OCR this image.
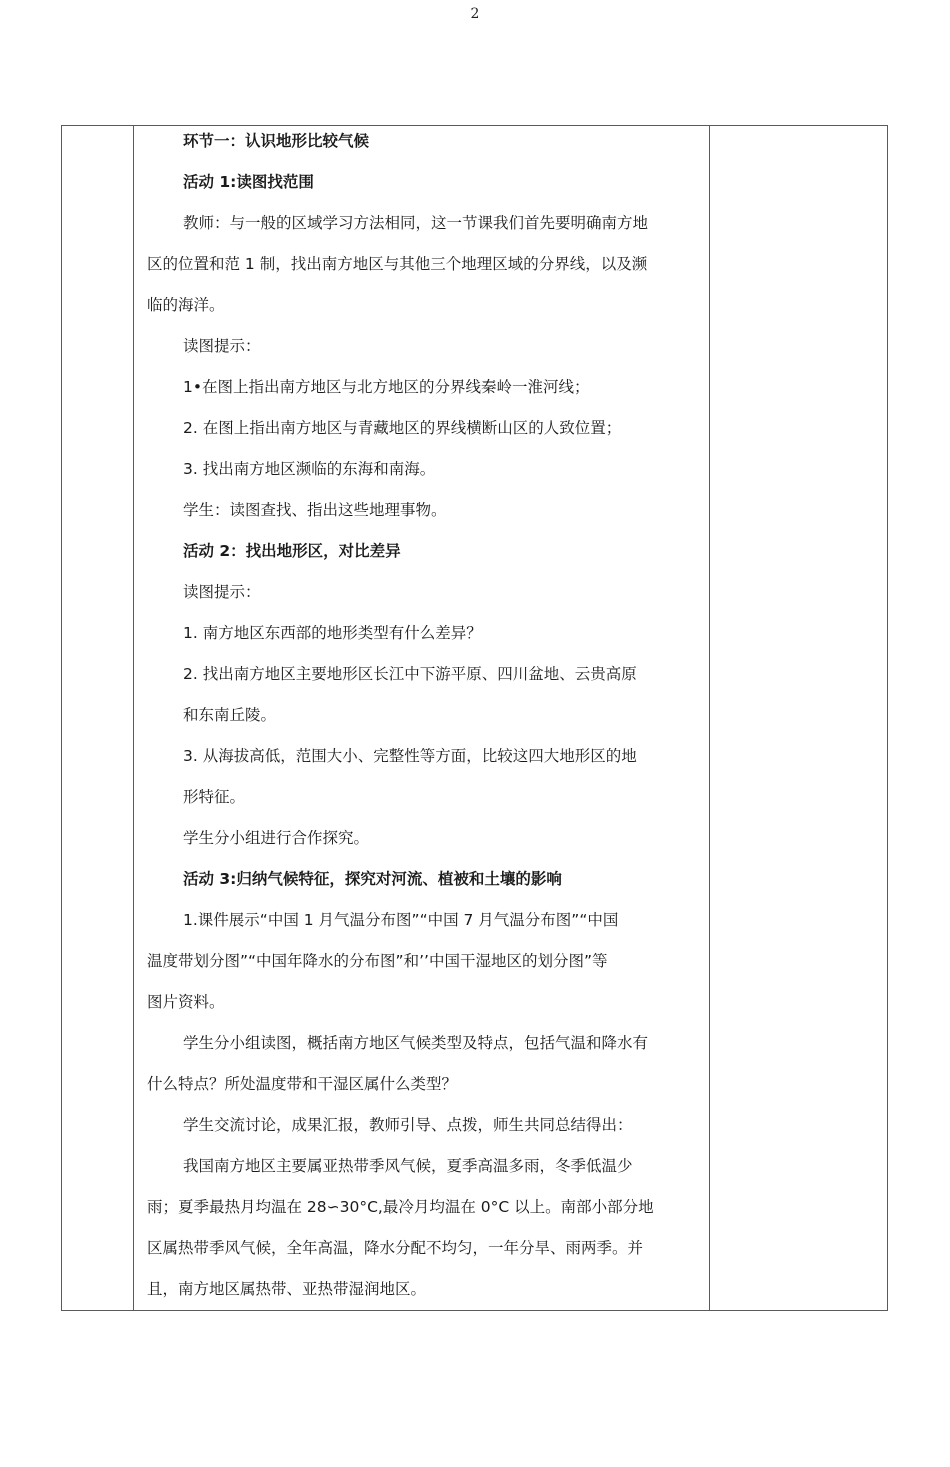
2
环节一：认识地形比较气候
活动 1:读图找范围
教师：与一般的区域学习方法相同，这一节课我们首先要明确南方地
区的位置和范 1 制，找出南方地区与其他三个地理区域的分界线，以及濒
临的海洋。
读图提示：
1•在图上指出南方地区与北方地区的分界线秦岭一淮河线；
2. 在图上指出南方地区与青藏地区的界线横断山区的人致位置；
3. 找出南方地区濒临的东海和南海。
学生：读图查找、指出这些地理事物。
活动 2：找出地形区，对比差异
读图提示：
1. 南方地区东西部的地形类型有什么差异？
2. 找出南方地区主要地形区长江中下游平原、四川盆地、云贵高原
和东南丘陵。
3. 从海拔高低，范围大小、完整性等方面，比较这四大地形区的地
形特征。
学生分小组进行合作探究。
活动 3:归纳气候特征，探究对河流、植被和土壤的影响
1.课件展示“中国 1 月气温分布图”“中国 7 月气温分布图”“中国
温度带划分图”“中国年降水的分布图”和’’中国干湿地区的划分图”等
图片资料。
学生分小组读图，概括南方地区气候类型及特点，包括气温和降水有
什么特点？所处温度带和干湿区属什么类型？
学生交流讨论，成果汇报，教师引导、点拨，师生共同总结得出：
我国南方地区主要属亚热带季风气候，夏季高温多雨，冬季低温少
雨；夏季最热月均温在 28∽30°C,最冷月均温在 0°C 以上。南部小部分地
区属热带季风气候，全年高温，降水分配不均匀，一年分旱、雨两季。并
且，南方地区属热带、亚热带湿润地区。
